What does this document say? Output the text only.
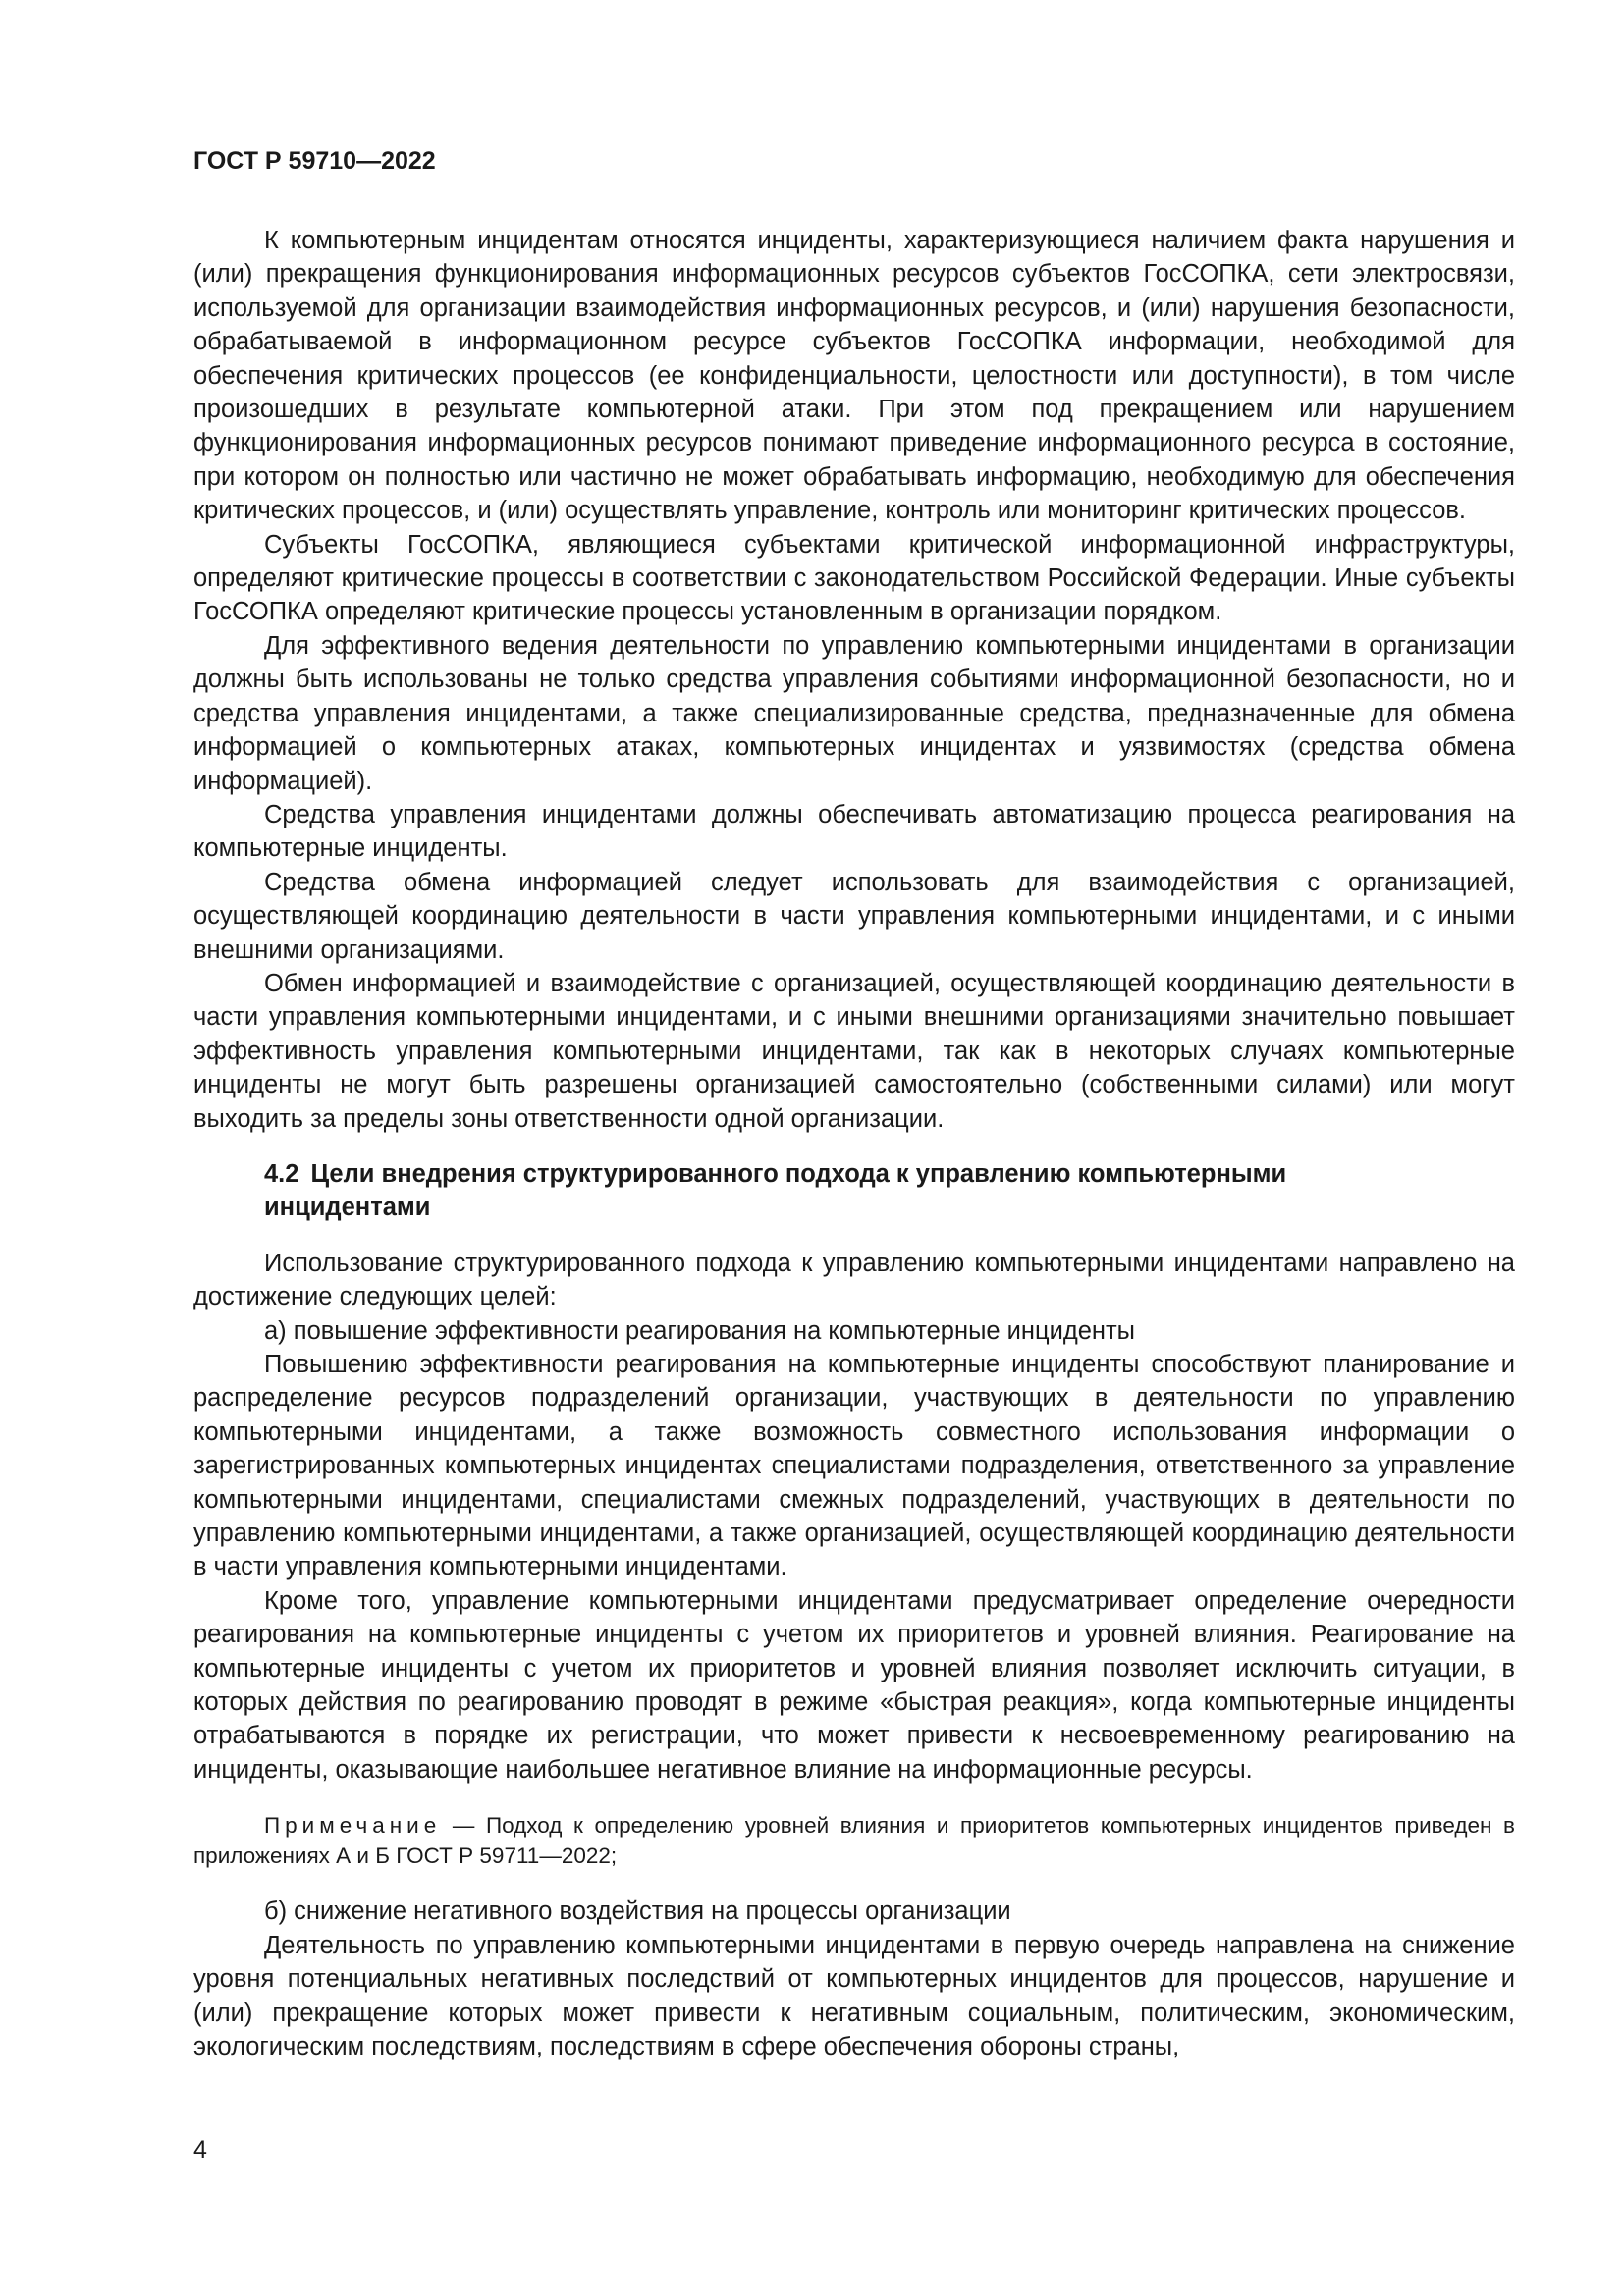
ГОСТ Р 59710—2022

К компьютерным инцидентам относятся инциденты, характеризующиеся наличием факта нарушения и (или) прекращения функционирования информационных ресурсов субъектов ГосСОПКА, сети электросвязи, используемой для организации взаимодействия информационных ресурсов, и (или) нарушения безопасности, обрабатываемой в информационном ресурсе субъектов ГосСОПКА информации, необходимой для обеспечения критических процессов (ее конфиденциальности, целостности или доступности), в том числе произошедших в результате компьютерной атаки. При этом под прекращением или нарушением функционирования информационных ресурсов понимают приведение информационного ресурса в состояние, при котором он полностью или частично не может обрабатывать информацию, необходимую для обеспечения критических процессов, и (или) осуществлять управление, контроль или мониторинг критических процессов.

Субъекты ГосСОПКА, являющиеся субъектами критической информационной инфраструктуры, определяют критические процессы в соответствии с законодательством Российской Федерации. Иные субъекты ГосСОПКА определяют критические процессы установленным в организации порядком.

Для эффективного ведения деятельности по управлению компьютерными инцидентами в организации должны быть использованы не только средства управления событиями информационной безопасности, но и средства управления инцидентами, а также специализированные средства, предназначенные для обмена информацией о компьютерных атаках, компьютерных инцидентах и уязвимостях (средства обмена информацией).

Средства управления инцидентами должны обеспечивать автоматизацию процесса реагирования на компьютерные инциденты.

Средства обмена информацией следует использовать для взаимодействия с организацией, осуществляющей координацию деятельности в части управления компьютерными инцидентами, и с иными внешними организациями.

Обмен информацией и взаимодействие с организацией, осуществляющей координацию деятельности в части управления компьютерными инцидентами, и с иными внешними организациями значительно повышает эффективность управления компьютерными инцидентами, так как в некоторых случаях компьютерные инциденты не могут быть разрешены организацией самостоятельно (собственными силами) или могут выходить за пределы зоны ответственности одной организации.

4.2 Цели внедрения структурированного подхода к управлению компьютерными инцидентами

Использование структурированного подхода к управлению компьютерными инцидентами направлено на достижение следующих целей:

а) повышение эффективности реагирования на компьютерные инциденты

Повышению эффективности реагирования на компьютерные инциденты способствуют планирование и распределение ресурсов подразделений организации, участвующих в деятельности по управлению компьютерными инцидентами, а также возможность совместного использования информации о зарегистрированных компьютерных инцидентах специалистами подразделения, ответственного за управление компьютерными инцидентами, специалистами смежных подразделений, участвующих в деятельности по управлению компьютерными инцидентами, а также организацией, осуществляющей координацию деятельности в части управления компьютерными инцидентами.

Кроме того, управление компьютерными инцидентами предусматривает определение очередности реагирования на компьютерные инциденты с учетом их приоритетов и уровней влияния. Реагирование на компьютерные инциденты с учетом их приоритетов и уровней влияния позволяет исключить ситуации, в которых действия по реагированию проводят в режиме «быстрая реакция», когда компьютерные инциденты отрабатываются в порядке их регистрации, что может привести к несвоевременному реагированию на инциденты, оказывающие наибольшее негативное влияние на информационные ресурсы.

Примечание — Подход к определению уровней влияния и приоритетов компьютерных инцидентов приведен в приложениях А и Б ГОСТ Р 59711—2022;

б) снижение негативного воздействия на процессы организации

Деятельность по управлению компьютерными инцидентами в первую очередь направлена на снижение уровня потенциальных негативных последствий от компьютерных инцидентов для процессов, нарушение и (или) прекращение которых может привести к негативным социальным, политическим, экономическим, экологическим последствиям, последствиям в сфере обеспечения обороны страны,

4
